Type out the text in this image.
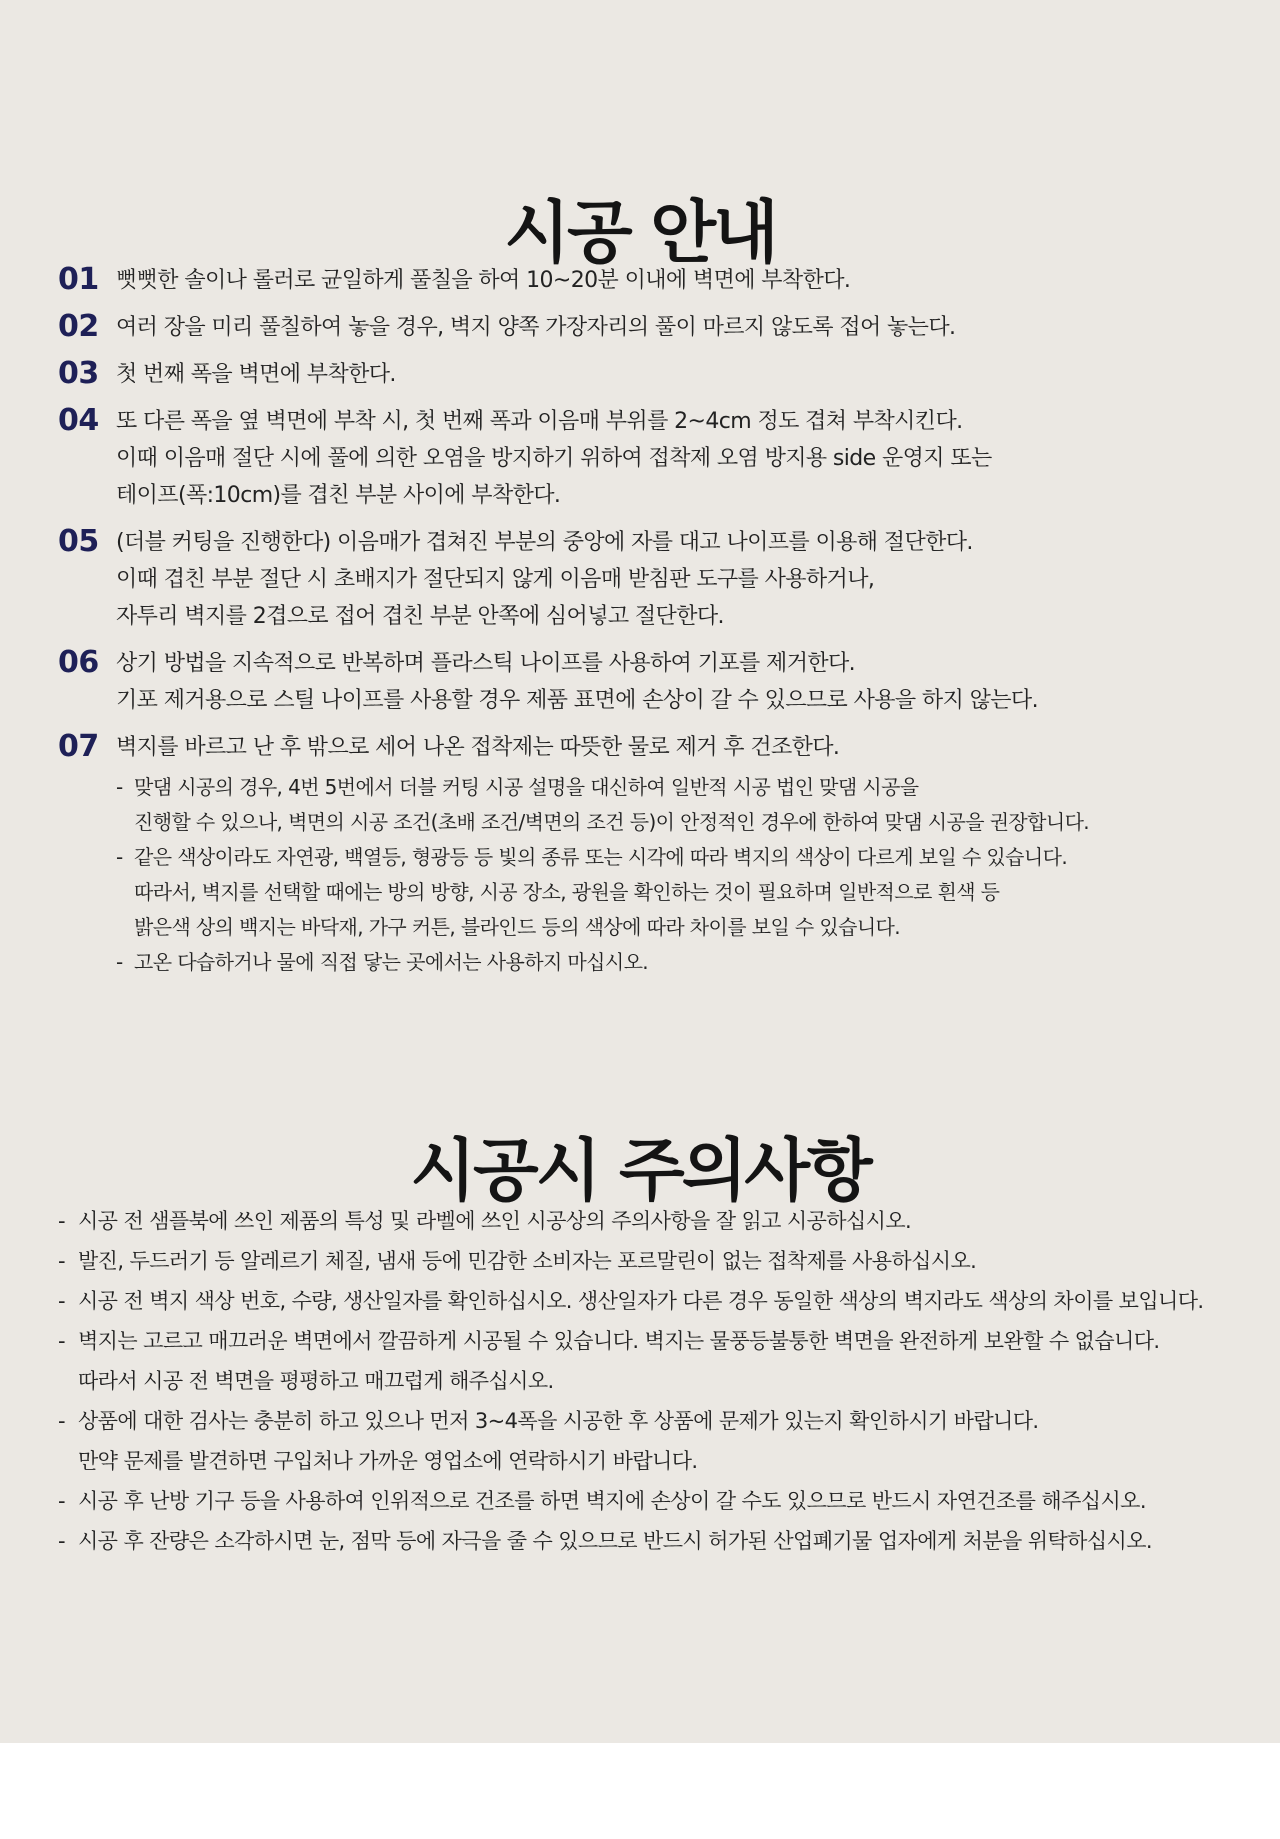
시공 안내
01 뻣뻣한 솔이나 롤러로 균일하게 풀칠을 하여 10~20분 이내에 벽면에 부착한다.
02 여러 장을 미리 풀칠하여 놓을 경우, 벽지 양쪽 가장자리의 풀이 마르지 않도록 접어 놓는다.
03 첫 번째 폭을 벽면에 부착한다.
04 또 다른 폭을 옆 벽면에 부착 시, 첫 번째 폭과 이음매 부위를 2~4cm 정도 겹쳐 부착시킨다.
이때 이음매 절단 시에 풀에 의한 오염을 방지하기 위하여 접착제 오염 방지용 side 운영지 또는
테이프(폭:10cm)를 겹친 부분 사이에 부착한다.
05 (더블 커팅을 진행한다) 이음매가 겹쳐진 부분의 중앙에 자를 대고 나이프를 이용해 절단한다.
이때 겹친 부분 절단 시 초배지가 절단되지 않게 이음매 받침판 도구를 사용하거나,
자투리 벽지를 2겹으로 접어 겹친 부분 안쪽에 심어넣고 절단한다.
06 상기 방법을 지속적으로 반복하며 플라스틱 나이프를 사용하여 기포를 제거한다.
기포 제거용으로 스틸 나이프를 사용할 경우 제품 표면에 손상이 갈 수 있으므로 사용을 하지 않는다.
07 벽지를 바르고 난 후 밖으로 세어 나온 접착제는 따뜻한 물로 제거 후 건조한다.
- 맞댐 시공의 경우, 4번 5번에서 더블 커팅 시공 설명을 대신하여 일반적 시공 법인 맞댐 시공을
진행할 수 있으나, 벽면의 시공 조건(초배 조건/벽면의 조건 등)이 안정적인 경우에 한하여 맞댐 시공을 권장합니다.
- 같은 색상이라도 자연광, 백열등, 형광등 등 빛의 종류 또는 시각에 따라 벽지의 색상이 다르게 보일 수 있습니다.
따라서, 벽지를 선택할 때에는 방의 방향, 시공 장소, 광원을 확인하는 것이 필요하며 일반적으로 흰색 등
밝은색 상의 백지는 바닥재, 가구 커튼, 블라인드 등의 색상에 따라 차이를 보일 수 있습니다.
- 고온 다습하거나 물에 직접 닿는 곳에서는 사용하지 마십시오.
시공시 주의사항
- 시공 전 샘플북에 쓰인 제품의 특성 및 라벨에 쓰인 시공상의 주의사항을 잘 읽고 시공하십시오.
- 발진, 두드러기 등 알레르기 체질, 냄새 등에 민감한 소비자는 포르말린이 없는 접착제를 사용하십시오.
- 시공 전 벽지 색상 번호, 수량, 생산일자를 확인하십시오. 생산일자가 다른 경우 동일한 색상의 벽지라도 색상의 차이를 보입니다.
- 벽지는 고르고 매끄러운 벽면에서 깔끔하게 시공될 수 있습니다. 벽지는 물풍등불퉁한 벽면을 완전하게 보완할 수 없습니다.
따라서 시공 전 벽면을 평평하고 매끄럽게 해주십시오.
- 상품에 대한 검사는 충분히 하고 있으나 먼저 3~4폭을 시공한 후 상품에 문제가 있는지 확인하시기 바랍니다.
만약 문제를 발견하면 구입처나 가까운 영업소에 연락하시기 바랍니다.
- 시공 후 난방 기구 등을 사용하여 인위적으로 건조를 하면 벽지에 손상이 갈 수도 있으므로 반드시 자연건조를 해주십시오.
- 시공 후 잔량은 소각하시면 눈, 점막 등에 자극을 줄 수 있으므로 반드시 허가된 산업폐기물 업자에게 처분을 위탁하십시오.
